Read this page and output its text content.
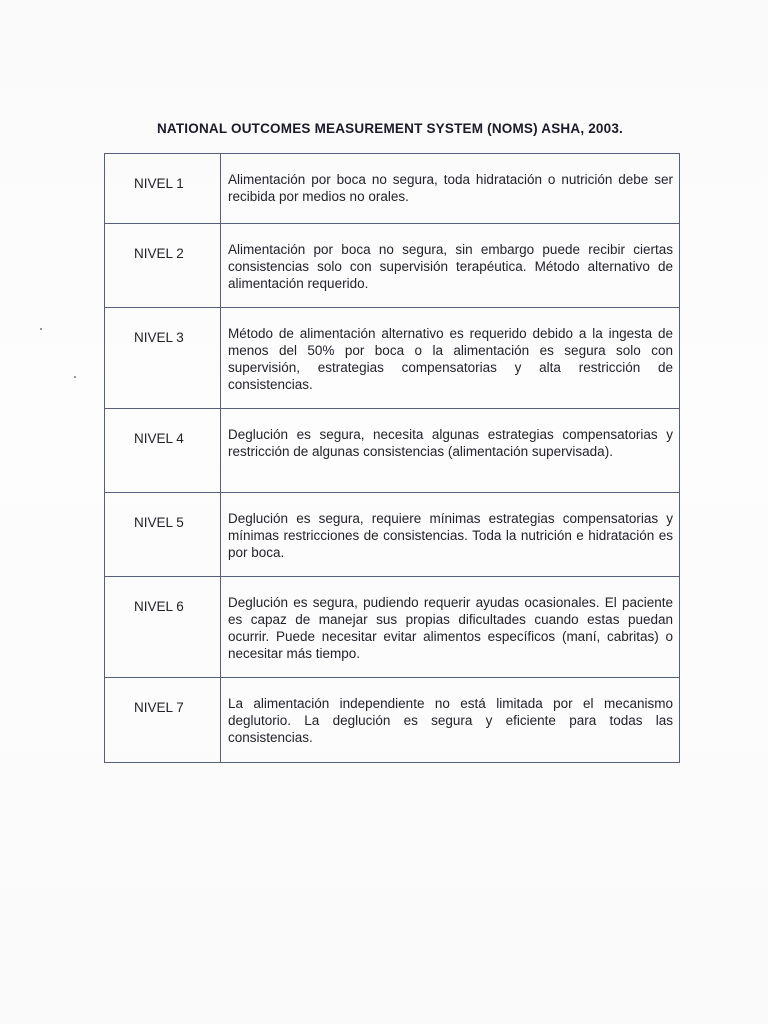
NATIONAL OUTCOMES MEASUREMENT SYSTEM (NOMS) ASHA, 2003.
NIVEL 1	Alimentación por boca no segura, toda hidratación o nutrición debe ser recibida por medios no orales.
NIVEL 2	Alimentación por boca no segura, sin embargo puede recibir ciertas consistencias solo con supervisión terapéutica. Método alternativo de alimentación requerido.
NIVEL 3	Método de alimentación alternativo es requerido debido a la ingesta de menos del 50% por boca o la alimentación es segura solo con supervisión, estrategias compensatorias y alta restricción de consistencias.
NIVEL 4	Deglución es segura, necesita algunas estrategias compensatorias y restricción de algunas consistencias (alimentación supervisada).
NIVEL 5	Deglución es segura, requiere mínimas estrategias compensatorias y mínimas restricciones de consistencias. Toda la nutrición e hidratación es por boca.
NIVEL 6	Deglución es segura, pudiendo requerir ayudas ocasionales. El paciente es capaz de manejar sus propias dificultades cuando estas puedan ocurrir. Puede necesitar evitar alimentos específicos (maní, cabritas) o necesitar más tiempo.
NIVEL 7	La alimentación independiente no está limitada por el mecanismo deglutorio. La deglución es segura y eficiente para todas las consistencias.
